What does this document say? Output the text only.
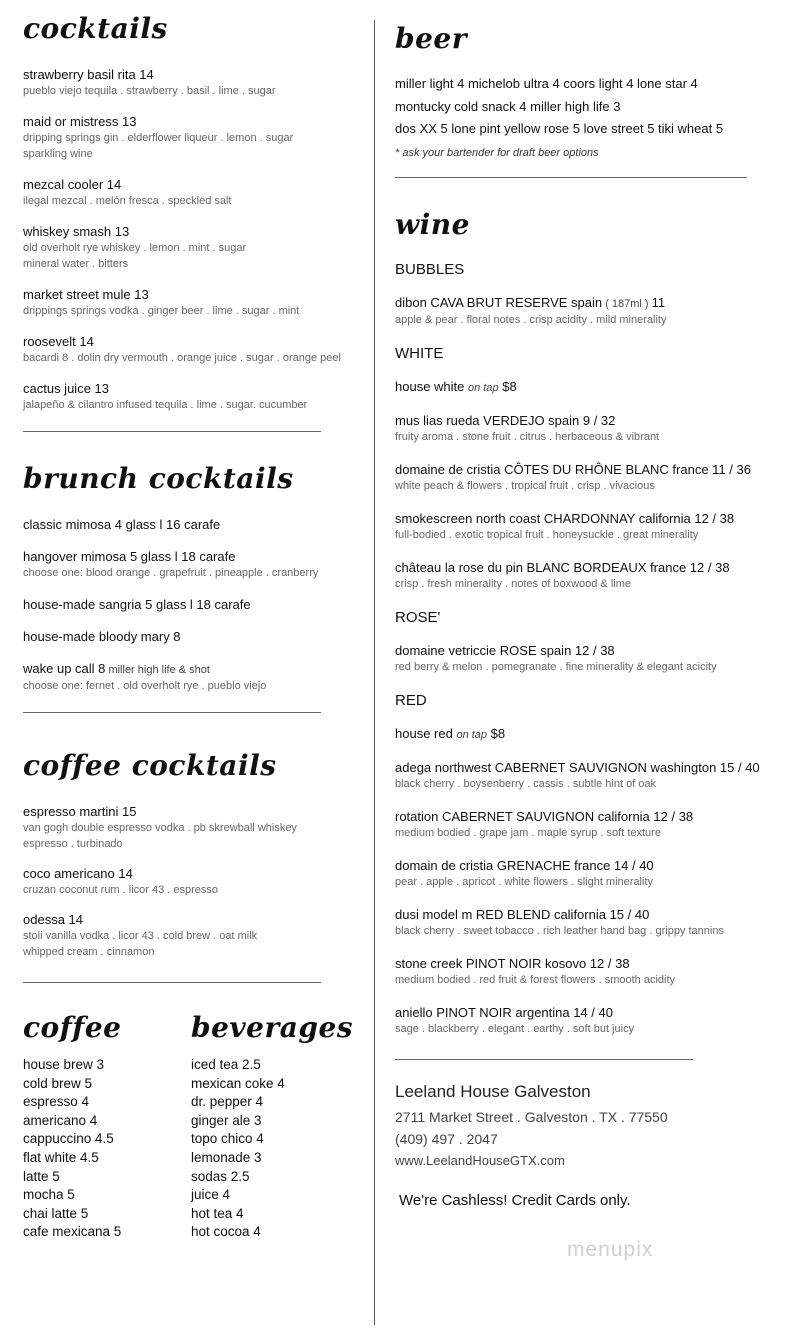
cocktails
strawberry basil rita 14
pueblo viejo tequila . strawberry . basil . lime . sugar
maid or mistress 13
dripping springs gin . elderflower liqueur . lemon . sugar
sparkling wine
mezcal cooler 14
ilegal mezcal . melón fresca . speckled salt
whiskey smash 13
old overholt rye whiskey . lemon . mint . sugar
mineral water . bitters
market street mule 13
drippings springs vodka . ginger beer . lime . sugar . mint
roosevelt 14
bacardi 8 . dolin dry vermouth . orange juice . sugar . orange peel
cactus juice 13
jalapeño & cilantro infused tequila . lime . sugar. cucumber
brunch cocktails
classic mimosa 4 glass l 16 carafe
hangover mimosa 5 glass l 18 carafe
choose one: blood orange . grapefruit . pineapple . cranberry
house-made sangria 5 glass l 18 carafe
house-made bloody mary 8
wake up call 8 miller high life & shot
choose one: fernet . old overholt rye . pueblo viejo
coffee cocktails
espresso martini 15
van gogh double espresso vodka . pb skrewball whiskey
espresso . turbinado
coco americano 14
cruzan coconut rum . licor 43 . espresso
odessa 14
stoli vanilla vodka . licor 43 . cold brew . oat milk
whipped cream . cinnamon
coffee
house brew 3
cold brew 5
espresso 4
americano 4
cappuccino 4.5
flat white 4.5
latte 5
mocha 5
chai latte 5
cafe mexicana 5
beverages
iced tea 2.5
mexican coke 4
dr. pepper 4
ginger ale 3
topo chico 4
lemonade 3
sodas 2.5
juice 4
hot tea 4
hot cocoa 4
beer
miller light 4 michelob ultra 4 coors light 4 lone star 4
montucky cold snack 4 miller high life 3
dos XX 5 lone pint yellow rose 5 love street 5 tiki wheat 5
* ask your bartender for draft beer options
wine
BUBBLES
dibon CAVA BRUT RESERVE spain ( 187ml ) 11
apple & pear . floral notes . crisp acidity . mild minerality
WHITE
house white on tap $8
mus lias rueda VERDEJO spain 9 / 32
fruity aroma . stone fruit . citrus . herbaceous & vibrant
domaine de cristia CÔTES DU RHÔNE BLANC france 11 / 36
white peach & flowers . tropical fruit . crisp . vivacious
smokescreen north coast CHARDONNAY california 12 / 38
full-bodied . exotic tropical fruit . honeysuckle . great minerality
château la rose du pin BLANC BORDEAUX france 12 / 38
crisp . fresh minerality . notes of boxwood & lime
ROSE'
domaine vetriccie ROSE spain 12 / 38
red berry & melon . pomegranate . fine minerality & elegant acicity
RED
house red on tap $8
adega northwest CABERNET SAUVIGNON washington 15 / 40
black cherry . boysenberry . cassis . subtle hint of oak
rotation CABERNET SAUVIGNON california 12 / 38
medium bodied . grape jam . maple syrup . soft texture
domain de cristia GRENACHE france 14 / 40
pear . apple . apricot . white flowers . slight minerality
dusi model m RED BLEND california 15 / 40
black cherry . sweet tobacco . rich leather hand bag . grippy tannins
stone creek PINOT NOIR kosovo 12 / 38
medium bodied . red fruit & forest flowers . smooth acidity
aniello PINOT NOIR argentina 14 / 40
sage . blackberry . elegant . earthy . soft but juicy
Leeland House Galveston
2711 Market Street . Galveston . TX . 77550
(409) 497 . 2047
www.LeelandHouseGTX.com
We're Cashless! Credit Cards only.
menupix
